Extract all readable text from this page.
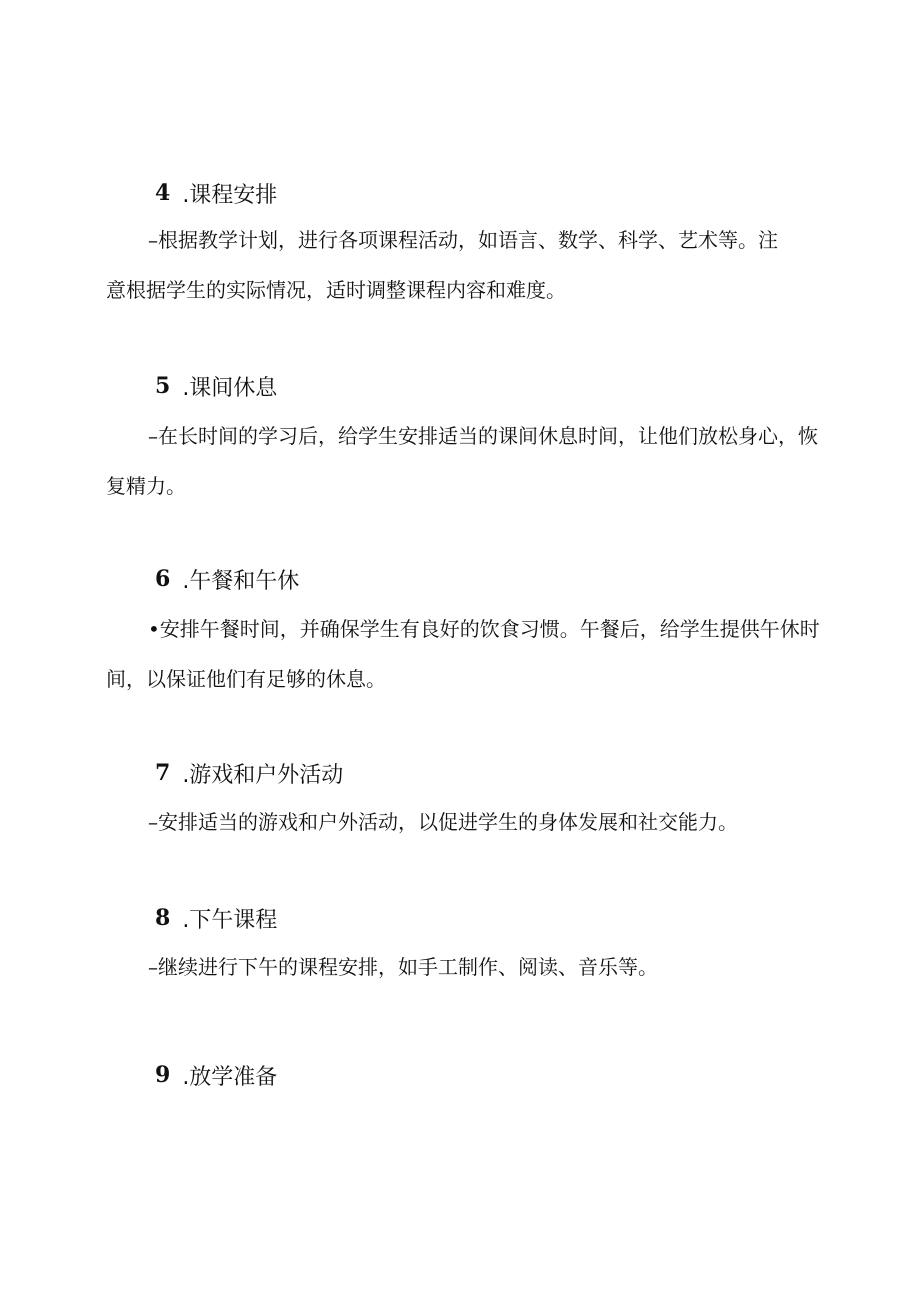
4 .课程安排
–根据教学计划，进行各项课程活动，如语言、数学、科学、艺术等。注意根据学生的实际情况，适时调整课程内容和难度。
5 .课间休息
–在长时间的学习后，给学生安排适当的课间休息时间，让他们放松身心，恢复精力。
6 .午餐和午休
•安排午餐时间，并确保学生有良好的饮食习惯。午餐后，给学生提供午休时间，以保证他们有足够的休息。
7 .游戏和户外活动
–安排适当的游戏和户外活动，以促进学生的身体发展和社交能力。
8 .下午课程
–继续进行下午的课程安排，如手工制作、阅读、音乐等。
9 .放学准备
